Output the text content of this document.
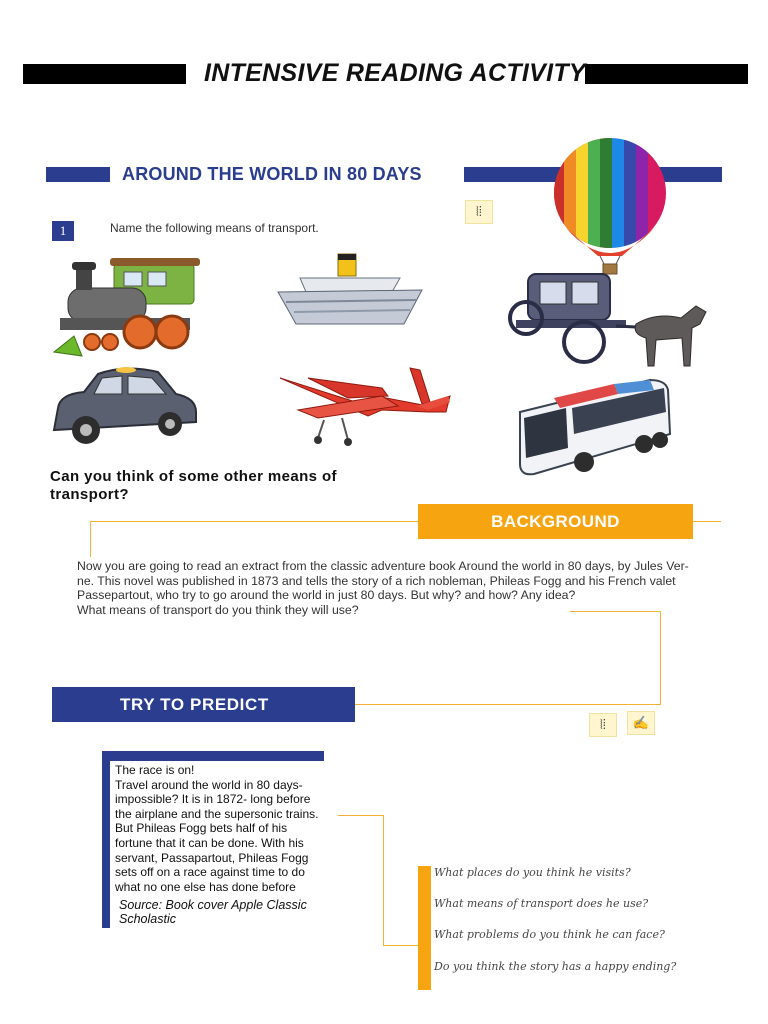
INTENSIVE READING ACTIVITY
AROUND THE WORLD IN 80 DAYS
⦚⦙
1	Name the following means of transport.
Can you think of some other means of
transport?
BACKGROUND
Now you are going to read an extract from the classic adventure book Around the world in 80 days, by Jules Ver-
ne. This novel was published in 1873 and tells the story of a rich nobleman, Phileas Fogg and his French valet
Passepartout, who try to go around the world in just 80 days. But why? and how? Any idea?
What means of transport do you think they will use?
TRY TO PREDICT
⦚⦙	✍
The race is on!
Travel around the world in 80 days-
impossible? It is in 1872- long before
the airplane and the supersonic trains.
But Phileas Fogg bets half of his
fortune that it can be done. With his
servant, Passapartout, Phileas Fogg
sets off on a race against time to do
what no one else has done before
Source: Book cover Apple Classic
Scholastic
What places do you think he visits?
What means of transport does he use?
What problems do you think he can face?
Do you think the story has a happy ending?
